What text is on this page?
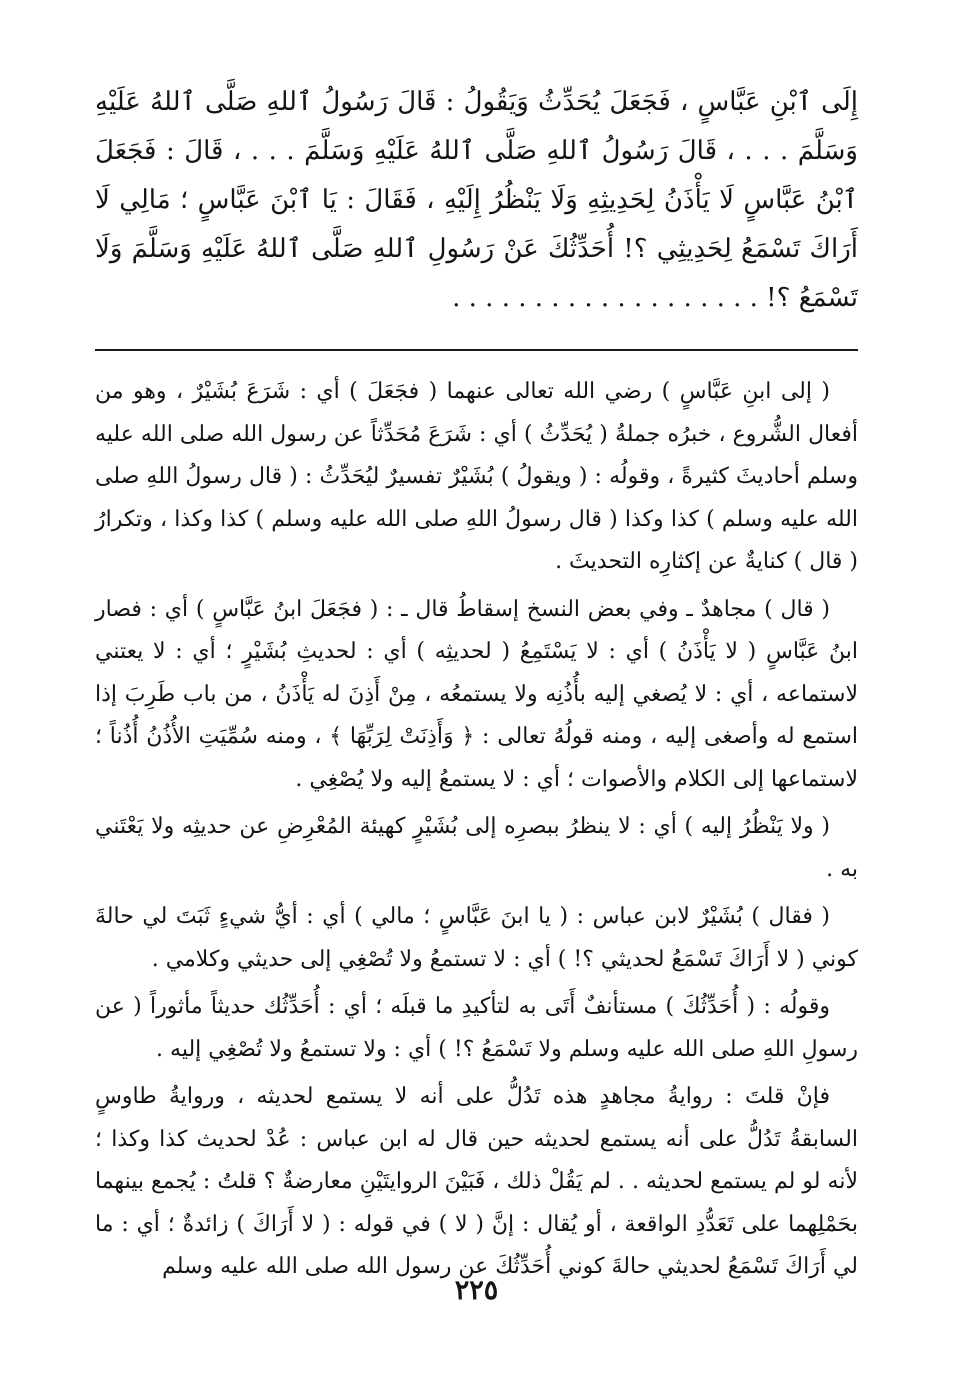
إِلَى ٱبْنِ عَبَّاسٍ ، فَجَعَلَ يُحَدِّثُ وَيَقُولُ : قَالَ رَسُولُ ٱللهِ صَلَّى ٱللهُ عَلَيْهِ وَسَلَّمَ . . . ، قَالَ رَسُولُ ٱللهِ صَلَّى ٱللهُ عَلَيْهِ وَسَلَّمَ . . . ، قَالَ : فَجَعَلَ ٱبْنُ عَبَّاسٍ لَا يَأْذَنُ لِحَدِيثِهِ وَلَا يَنْظُرُ إِلَيْهِ ، فَقَالَ : يَا ٱبْنَ عَبَّاسٍ ؛ مَالِي لَا أَرَاكَ تَسْمَعُ لِحَدِيثِي ؟! أُحَدِّثُكَ عَنْ رَسُولِ ٱللهِ صَلَّى ٱللهُ عَلَيْهِ وَسَلَّمَ وَلَا تَسْمَعُ ؟! . . . . . . . . . . . . . . . . . . .

( إلى ابنِ عَبَّاسٍ ) رضي الله تعالى عنهما ( فجَعَلَ ) أي : شَرَعَ بُشَيْرٌ ، وهو من أفعال الشُّروع ، خبرُه جملةُ ( يُحَدِّثُ ) أي : شَرَعَ مُحَدِّثاً عن رسول الله صلى الله عليه وسلم أحاديثَ كثيرةً ، وقولُه : ( ويقولُ ) بُشَيْرٌ تفسيرٌ ليُحَدِّثُ : ( قال رسولُ اللهِ صلى الله عليه وسلم ) كذا وكذا ( قال رسولُ اللهِ صلى الله عليه وسلم ) كذا وكذا ، وتكرارُ ( قال ) كنايةٌ عن إكثارِه التحديثَ .

( قال ) مجاهدٌ ـ وفي بعض النسخ إسقاطُ قال ـ : ( فجَعَلَ ابنُ عَبَّاسٍ ) أي : فصار ابنُ عَبَّاسٍ ( لا يَأْذَنُ ) أي : لا يَسْتَمِعُ ( لحديثِه ) أي : لحديثِ بُشَيْرٍ ؛ أي : لا يعتني لاستماعه ، أي : لا يُصغي إليه بأُذُنِه ولا يستمعُه ، مِنْ أَذِنَ له يَأْذَنُ ، من باب طَرِبَ إذا استمع له وأصغى إليه ، ومنه قولُهُ تعالى : ﴿ وَأَذِنَتْ لِرَبِّهَا ﴾ ، ومنه سُمِّيَتِ الأُذُنُ أُذُناً ؛ لاستماعها إلى الكلام والأصوات ؛ أي : لا يستمعُ إليه ولا يُصْغِي .

( ولا يَنْظُرُ إليه ) أي : لا ينظرُ ببصرِه إلى بُشَيْرٍ كهيئة المُعْرِضِ عن حديثِه ولا يَعْتَني به .

( فقال ) بُشَيْرٌ لابن عباس : ( يا ابنَ عَبَّاسٍ ؛ مالي ) أي : أيُّ شيءٍ ثَبَتَ لي حالةَ كوني ( لا أَرَاكَ تَسْمَعُ لحديثي ؟! ) أي : لا تستمعُ ولا تُصْغِي إلى حديثي وكلامي .

وقولُه : ( أُحَدِّثُكَ ) مستأنفٌ أَتَى به لتأكيدِ ما قبلَه ؛ أي : أُحَدِّثُك حديثاً مأثوراً ( عن رسولِ اللهِ صلى الله عليه وسلم ولا تَسْمَعُ ؟! ) أي : ولا تستمعُ ولا تُصْغِي إليه .

فإنْ قلتَ : روايةُ مجاهدٍ هذه تَدُلُّ على أنه لا يستمع لحديثه ، وروايةُ طاوسٍ السابقةُ تَدُلُّ على أنه يستمع لحديثه حين قال له ابن عباس : عُدْ لحديث كذا وكذا ؛ لأنه لو لم يستمع لحديثه . . لم يَقُلْ ذلك ، فَبَيْنَ الروايتَيْنِ معارضةٌ ؟ قلتُ : يُجمع بينهما بحَمْلِهما على تَعَدُّدِ الواقعة ، أو يُقال : إنَّ ( لا ) في قوله : ( لا أَرَاكَ ) زائدةٌ ؛ أي : ما لي أَرَاكَ تَسْمَعُ لحديثي حالةَ كوني أُحَدِّثُكَ عن رسول الله صلى الله عليه وسلم

٢٢٥
